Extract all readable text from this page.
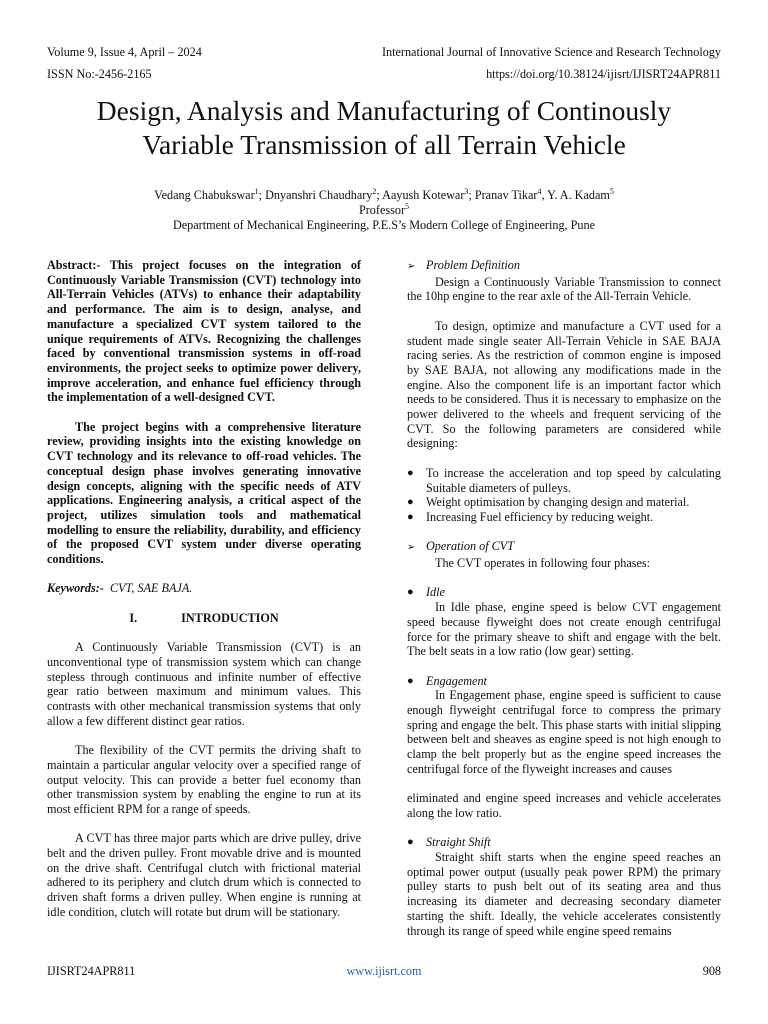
Volume 9, Issue 4, April – 2024	International Journal of Innovative Science and Research Technology
ISSN No:-2456-2165	https://doi.org/10.38124/ijisrt/IJISRT24APR811
Design, Analysis and Manufacturing of Continously
Variable Transmission of all Terrain Vehicle
Vedang Chabukswar$^1$; Dnyanshri Chaudhary$^2$; Aayush Kotewar$^3$; Pranav Tikar$^4$, Y. A. Kadam$^5$
Professor$^5$
Department of Mechanical Engineering, P.E.S’s Modern College of Engineering, Pune

Abstract:- This project focuses on the integration of Continuously Variable Transmission (CVT) technology into All-Terrain Vehicles (ATVs) to enhance their adaptability and performance. The aim is to design, analyse, and manufacture a specialized CVT system tailored to the unique requirements of ATVs. Recognizing the challenges faced by conventional transmission systems in off-road environments, the project seeks to optimize power delivery, improve acceleration, and enhance fuel efficiency through the implementation of a well-designed CVT.

The project begins with a comprehensive literature review, providing insights into the existing knowledge on CVT technology and its relevance to off-road vehicles. The conceptual design phase involves generating innovative design concepts, aligning with the specific needs of ATV applications. Engineering analysis, a critical aspect of the project, utilizes simulation tools and mathematical modelling to ensure the reliability, durability, and efficiency of the proposed CVT system under diverse operating conditions.

Keywords:- CVT, SAE BAJA.

I.	INTRODUCTION

A Continuously Variable Transmission (CVT) is an unconventional type of transmission system which can change stepless through continuous and infinite number of effective gear ratio between maximum and minimum values. This contrasts with other mechanical transmission systems that only allow a few different distinct gear ratios.

The flexibility of the CVT permits the driving shaft to maintain a particular angular velocity over a specified range of output velocity. This can provide a better fuel economy than other transmission system by enabling the engine to run at its most efficient RPM for a range of speeds.

A CVT has three major parts which are drive pulley, drive belt and the driven pulley. Front movable drive and is mounted on the drive shaft. Centrifugal clutch with frictional material adhered to its periphery and clutch drum which is connected to driven shaft forms a driven pulley. When engine is running at idle condition, clutch will rotate but drum will be stationary.

➢ Problem Definition

Design a Continuously Variable Transmission to connect the 10hp engine to the rear axle of the All-Terrain Vehicle.

To design, optimize and manufacture a CVT used for a student made single seater All-Terrain Vehicle in SAE BAJA racing series. As the restriction of common engine is imposed by SAE BAJA, not allowing any modifications made in the engine. Also the component life is an important factor which needs to be considered. Thus it is necessary to emphasize on the power delivered to the wheels and frequent servicing of the CVT. So the following parameters are considered while designing:

● To increase the acceleration and top speed by calculating Suitable diameters of pulleys.

● Weight optimisation by changing design and material.

● Increasing Fuel efficiency by reducing weight.

➢ Operation of CVT

The CVT operates in following four phases:

● Idle

In Idle phase, engine speed is below CVT engagement speed because flyweight does not create enough centrifugal force for the primary sheave to shift and engage with the belt. The belt seats in a low ratio (low gear) setting.

● Engagement

In Engagement phase, engine speed is sufficient to cause enough flyweight centrifugal force to compress the primary spring and engage the belt. This phase starts with initial slipping between belt and sheaves as engine speed is not high enough to clamp the belt properly but as the engine speed increases the centrifugal force of the flyweight increases and causes

eliminated and engine speed increases and vehicle accelerates along the low ratio.

● Straight Shift

Straight shift starts when the engine speed reaches an optimal power output (usually peak power RPM) the primary pulley starts to push belt out of its seating area and thus increasing its diameter and decreasing secondary diameter starting the shift. Ideally, the vehicle accelerates consistently through its range of speed while engine speed remains

IJISRT24APR811	www.ijisrt.com	908
